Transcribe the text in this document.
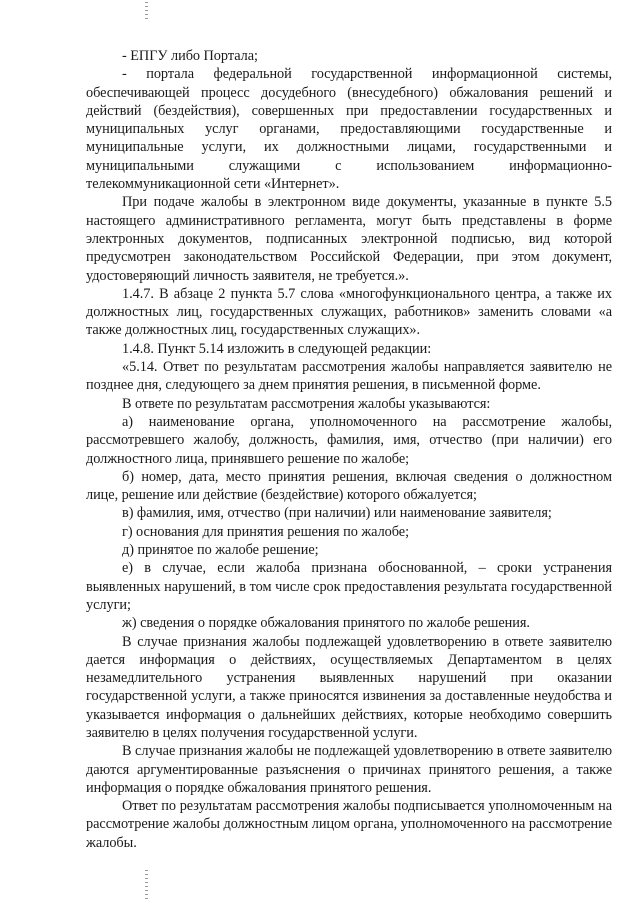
- ЕПГУ либо Портала;

- портала федеральной государственной информационной системы, обеспечивающей процесс досудебного (внесудебного) обжалования решений и действий (бездействия), совершенных при предоставлении государственных и муниципальных услуг органами, предоставляющими государственные и муниципальные услуги, их должностными лицами, государственными и муниципальными служащими с использованием информационно-телекоммуникационной сети «Интернет».

При подаче жалобы в электронном виде документы, указанные в пункте 5.5 настоящего административного регламента, могут быть представлены в форме электронных документов, подписанных электронной подписью, вид которой предусмотрен законодательством Российской Федерации, при этом документ, удостоверяющий личность заявителя, не требуется.».

1.4.7. В абзаце 2 пункта 5.7 слова «многофункционального центра, а также их должностных лиц, государственных служащих, работников» заменить словами «а также должностных лиц, государственных служащих».

1.4.8. Пункт 5.14 изложить в следующей редакции:

«5.14. Ответ по результатам рассмотрения жалобы направляется заявителю не позднее дня, следующего за днем принятия решения, в письменной форме.

В ответе по результатам рассмотрения жалобы указываются:

а) наименование органа, уполномоченного на рассмотрение жалобы, рассмотревшего жалобу, должность, фамилия, имя, отчество (при наличии) его должностного лица, принявшего решение по жалобе;

б) номер, дата, место принятия решения, включая сведения о должностном лице, решение или действие (бездействие) которого обжалуется;

в) фамилия, имя, отчество (при наличии) или наименование заявителя;

г) основания для принятия решения по жалобе;

д) принятое по жалобе решение;

е) в случае, если жалоба признана обоснованной, – сроки устранения выявленных нарушений, в том числе срок предоставления результата государственной услуги;

ж) сведения о порядке обжалования принятого по жалобе решения.

В случае признания жалобы подлежащей удовлетворению в ответе заявителю дается информация о действиях, осуществляемых Департаментом в целях незамедлительного устранения выявленных нарушений при оказании государственной услуги, а также приносятся извинения за доставленные неудобства и указывается информация о дальнейших действиях, которые необходимо совершить заявителю в целях получения государственной услуги.

В случае признания жалобы не подлежащей удовлетворению в ответе заявителю даются аргументированные разъяснения о причинах принятого решения, а также информация о порядке обжалования принятого решения.

Ответ по результатам рассмотрения жалобы подписывается уполномоченным на рассмотрение жалобы должностным лицом органа, уполномоченного на рассмотрение жалобы.
